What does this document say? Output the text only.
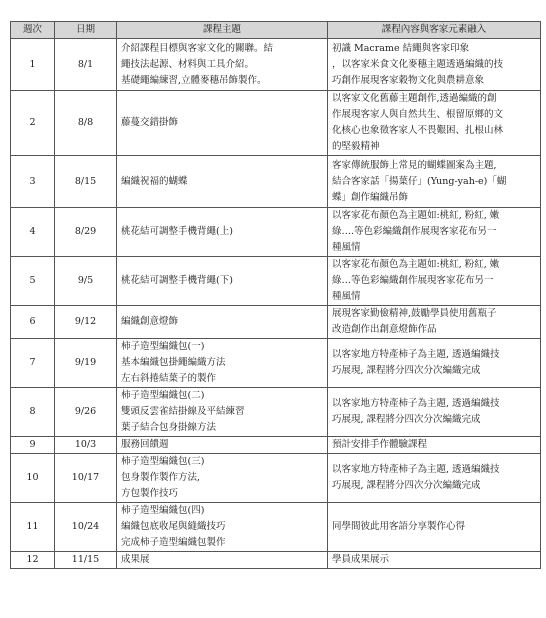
週次	日期	課程主題	課程內容與客家元素融入
1	8/1	介紹課程目標與客家文化的關聯。結
繩技法起源、材料與工具介紹。
基礎繩編練習,立體麥穗吊飾製作。	初識 Macrame 結繩與客家印象
，以客家米食文化麥穗主題透過編織的技
巧創作展現客家穀物文化與農耕意象

2	8/8	藤蔓交錯掛飾	以客家文化舊藤主題創作,透過編織的創
作展現客家人與自然共生、根留原鄉的文
化核心也象徵客家人不畏艱困、扎根山林
的堅毅精神

3	8/15	編織祝福的蝴蝶	客家傳統服飾上常見的蝴蝶圖案為主題,
結合客家話「揚葉仔」(Yung-yah-e)「蝴
蝶」創作編織吊飾

4	8/29	桃花結可調整手機背繩(上)	以客家花布顏色為主題如:桃紅, 粉紅, 嫩
綠….等色彩編織創作展現客家花布另一
種風情

5	9/5	桃花結可調整手機背繩(下)	以客家花布顏色為主題如:桃紅, 粉紅, 嫩
綠…等色彩編織創作展現客家花布另一
種風情

6	9/12	編織創意燈飾	展現客家勤儉精神,鼓勵學員使用舊瓶子
改造創作出創意燈飾作品

7	9/19	柿子造型編織包(一)
基本編織包掛繩編織方法
左右斜捲結葉子的製作	以客家地方特產柿子為主題, 透過編織技
巧展現, 課程將分四次分次編織完成

8	9/26	柿子造型編織包(二)
雙頭反雲雀結掛線及平結練習
葉子結合包身掛線方法	以客家地方特產柿子為主題, 透過編織技
巧展現, 課程將分四次分次編織完成

9	10/3	服務回饋週	預計安排手作體驗課程

10	10/17	柿子造型編織包(三)
包身製作製作方法,
方包製作技巧	以客家地方特產柿子為主題, 透過編織技
巧展現, 課程將分四次分次編織完成

11	10/24	柿子造型編織包(四)
編織包底收尾與縫織技巧
完成柿子造型編織包製作	同學間彼此用客語分享製作心得

12	11/15	成果展	學員成果展示
